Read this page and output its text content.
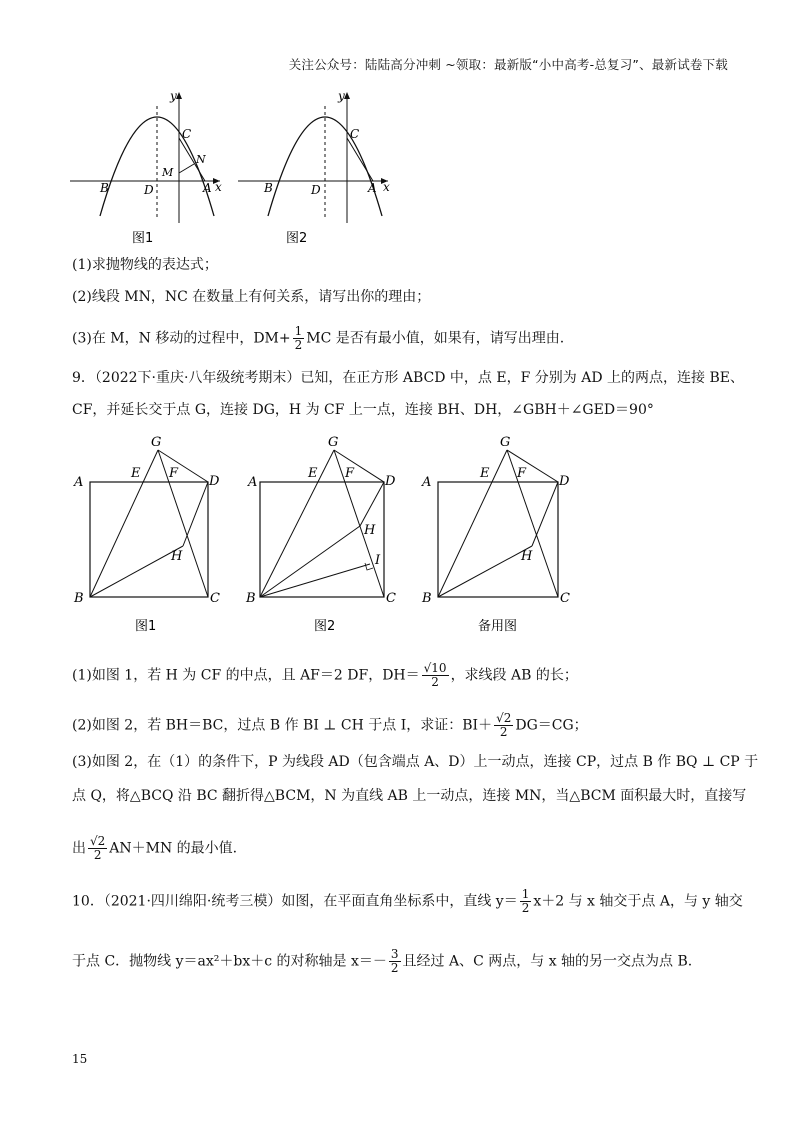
关注公众号：陆陆高分冲刺 ~领取：最新版“小中高考-总复习”、最新试卷下载
y
x
B	D
C
M
N
A
图1
y
x
B	D
C
A
图2
(1)求抛物线的表达式；
(2)线段 MN，NC 在数量上有何关系，请写出你的理由；
(3)在 M，N 移动的过程中，$DM+ \frac{1}{2}$ MC 是否有最小值，如果有，请写出理由.
9．（2022下·重庆·八年级统考期末）已知，在正方形 ABCD 中，点 E，F 分别为 AD 上的两点，连接 BE、
CF，并延长交于点 G，连接 DG，H 为 CF 上一点，连接 BH、DH，∠GBH＋∠GED＝90°
G
E F
A	D
H
B	C
图1
G
E F
A	D
H
I
B	C
图2
G
E F
A	D
H
B	C
备用图
(1)如图 1，若 H 为 CF 的中点，且 AF＝2 DF，$DH= \frac{√10}{2}$ ，求线段 AB 的长；
(2)如图 2，若 BH＝BC，过点 B 作 BI ⊥ CH 于点 I，求证：$BI+ \frac{√2}{2} DG=CG$；
(3)如图 2，在（1）的条件下，P 为线段 AD（包含端点 A、D）上一动点，连接 CP，过点 B 作 BQ ⊥ CP 于
点 Q，将△BCQ 沿 BC 翻折得△BCM，N 为直线 AB 上一动点，连接 MN，当△BCM 面积最大时，直接写
出 $\frac{√2}{2} AN+MN$ 的最小值.
10．（2021·四川绵阳·统考三模）如图，在平面直角坐标系中，直线 $y= \frac{1}{2} x+2$ 与 x 轴交于点 A，与 y 轴交
于点 C．抛物线 y＝ax²＋bx＋c 的对称轴是 $x=- \frac{3}{2}$ 且经过 A、C 两点，与 x 轴的另一交点为点 B.
15
